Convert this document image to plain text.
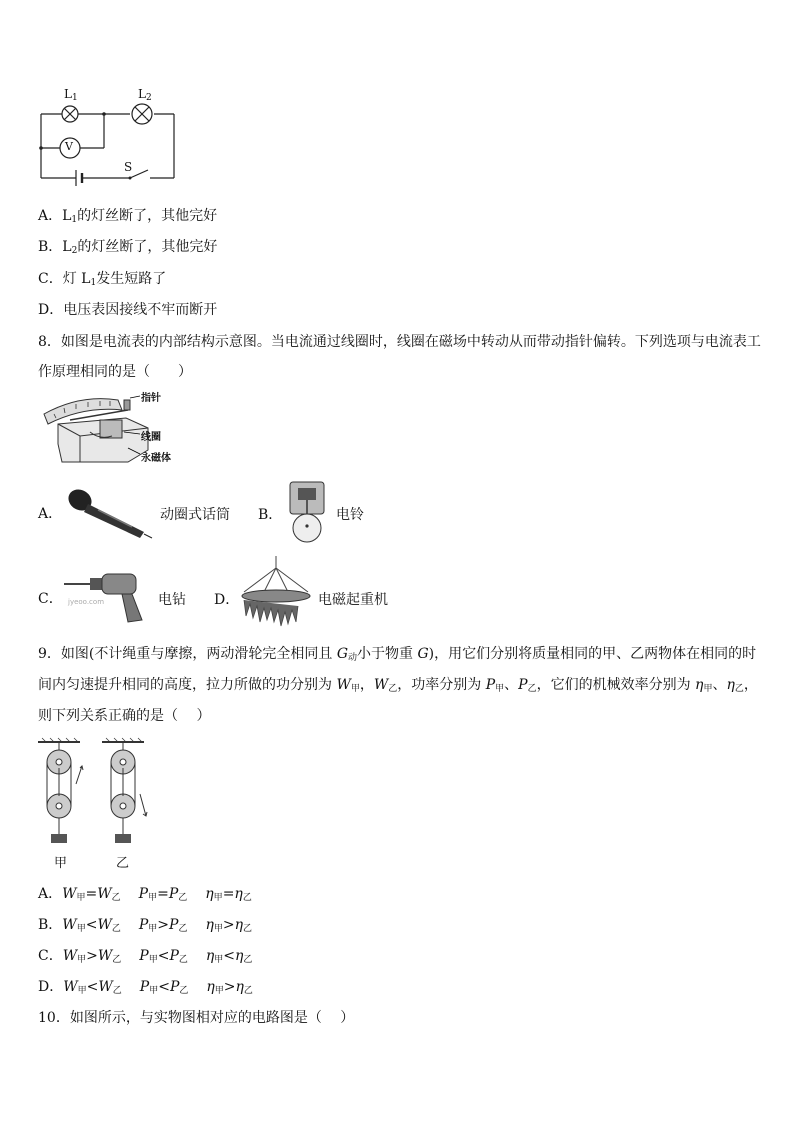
$L_1$	$L_2$
V
S
A．$L_1$的灯丝断了，其他完好
B．$L_2$的灯丝断了，其他完好
C．灯 $L_1$发生短路了
D．电压表因接线不牢而断开
8．如图是电流表的内部结构示意图。当电流通过线圈时，线圈在磁场中转动从而带动指针偏转。下列选项与电流表工
作原理相同的是（　　）
指针
线圈
永磁体
A．	动圈式话筒 B．	电铃
C． jyeoo.com	电钻 D．	电磁起重机
9．如图(不计绳重与摩擦，两动滑轮完全相同且 $G_动$小于物重 G)，用它们分别将质量相同的甲、乙两物体在相同的时
间内匀速提升相同的高度，拉力所做的功分别为 $W_甲$，$W_乙$，功率分别为 $P_甲$、$P_乙$，它们的机械效率分别为 $\eta_甲$、$\eta_乙$，
则下列关系正确的是（　 ）
甲	乙
A．$W_甲=W_乙$ $P_甲=P_乙$ $\eta_甲=\eta_乙$
B．$W_甲<W_乙$ $P_甲>P_乙$ $\eta_甲>\eta_乙$
C．$W_甲>W_乙$ $P_甲<P_乙$ $\eta_甲<\eta_乙$
D．$W_甲<W_乙$ $P_甲<P_乙$ $\eta_甲>\eta_乙$
10．如图所示，与实物图相对应的电路图是（　 ）
